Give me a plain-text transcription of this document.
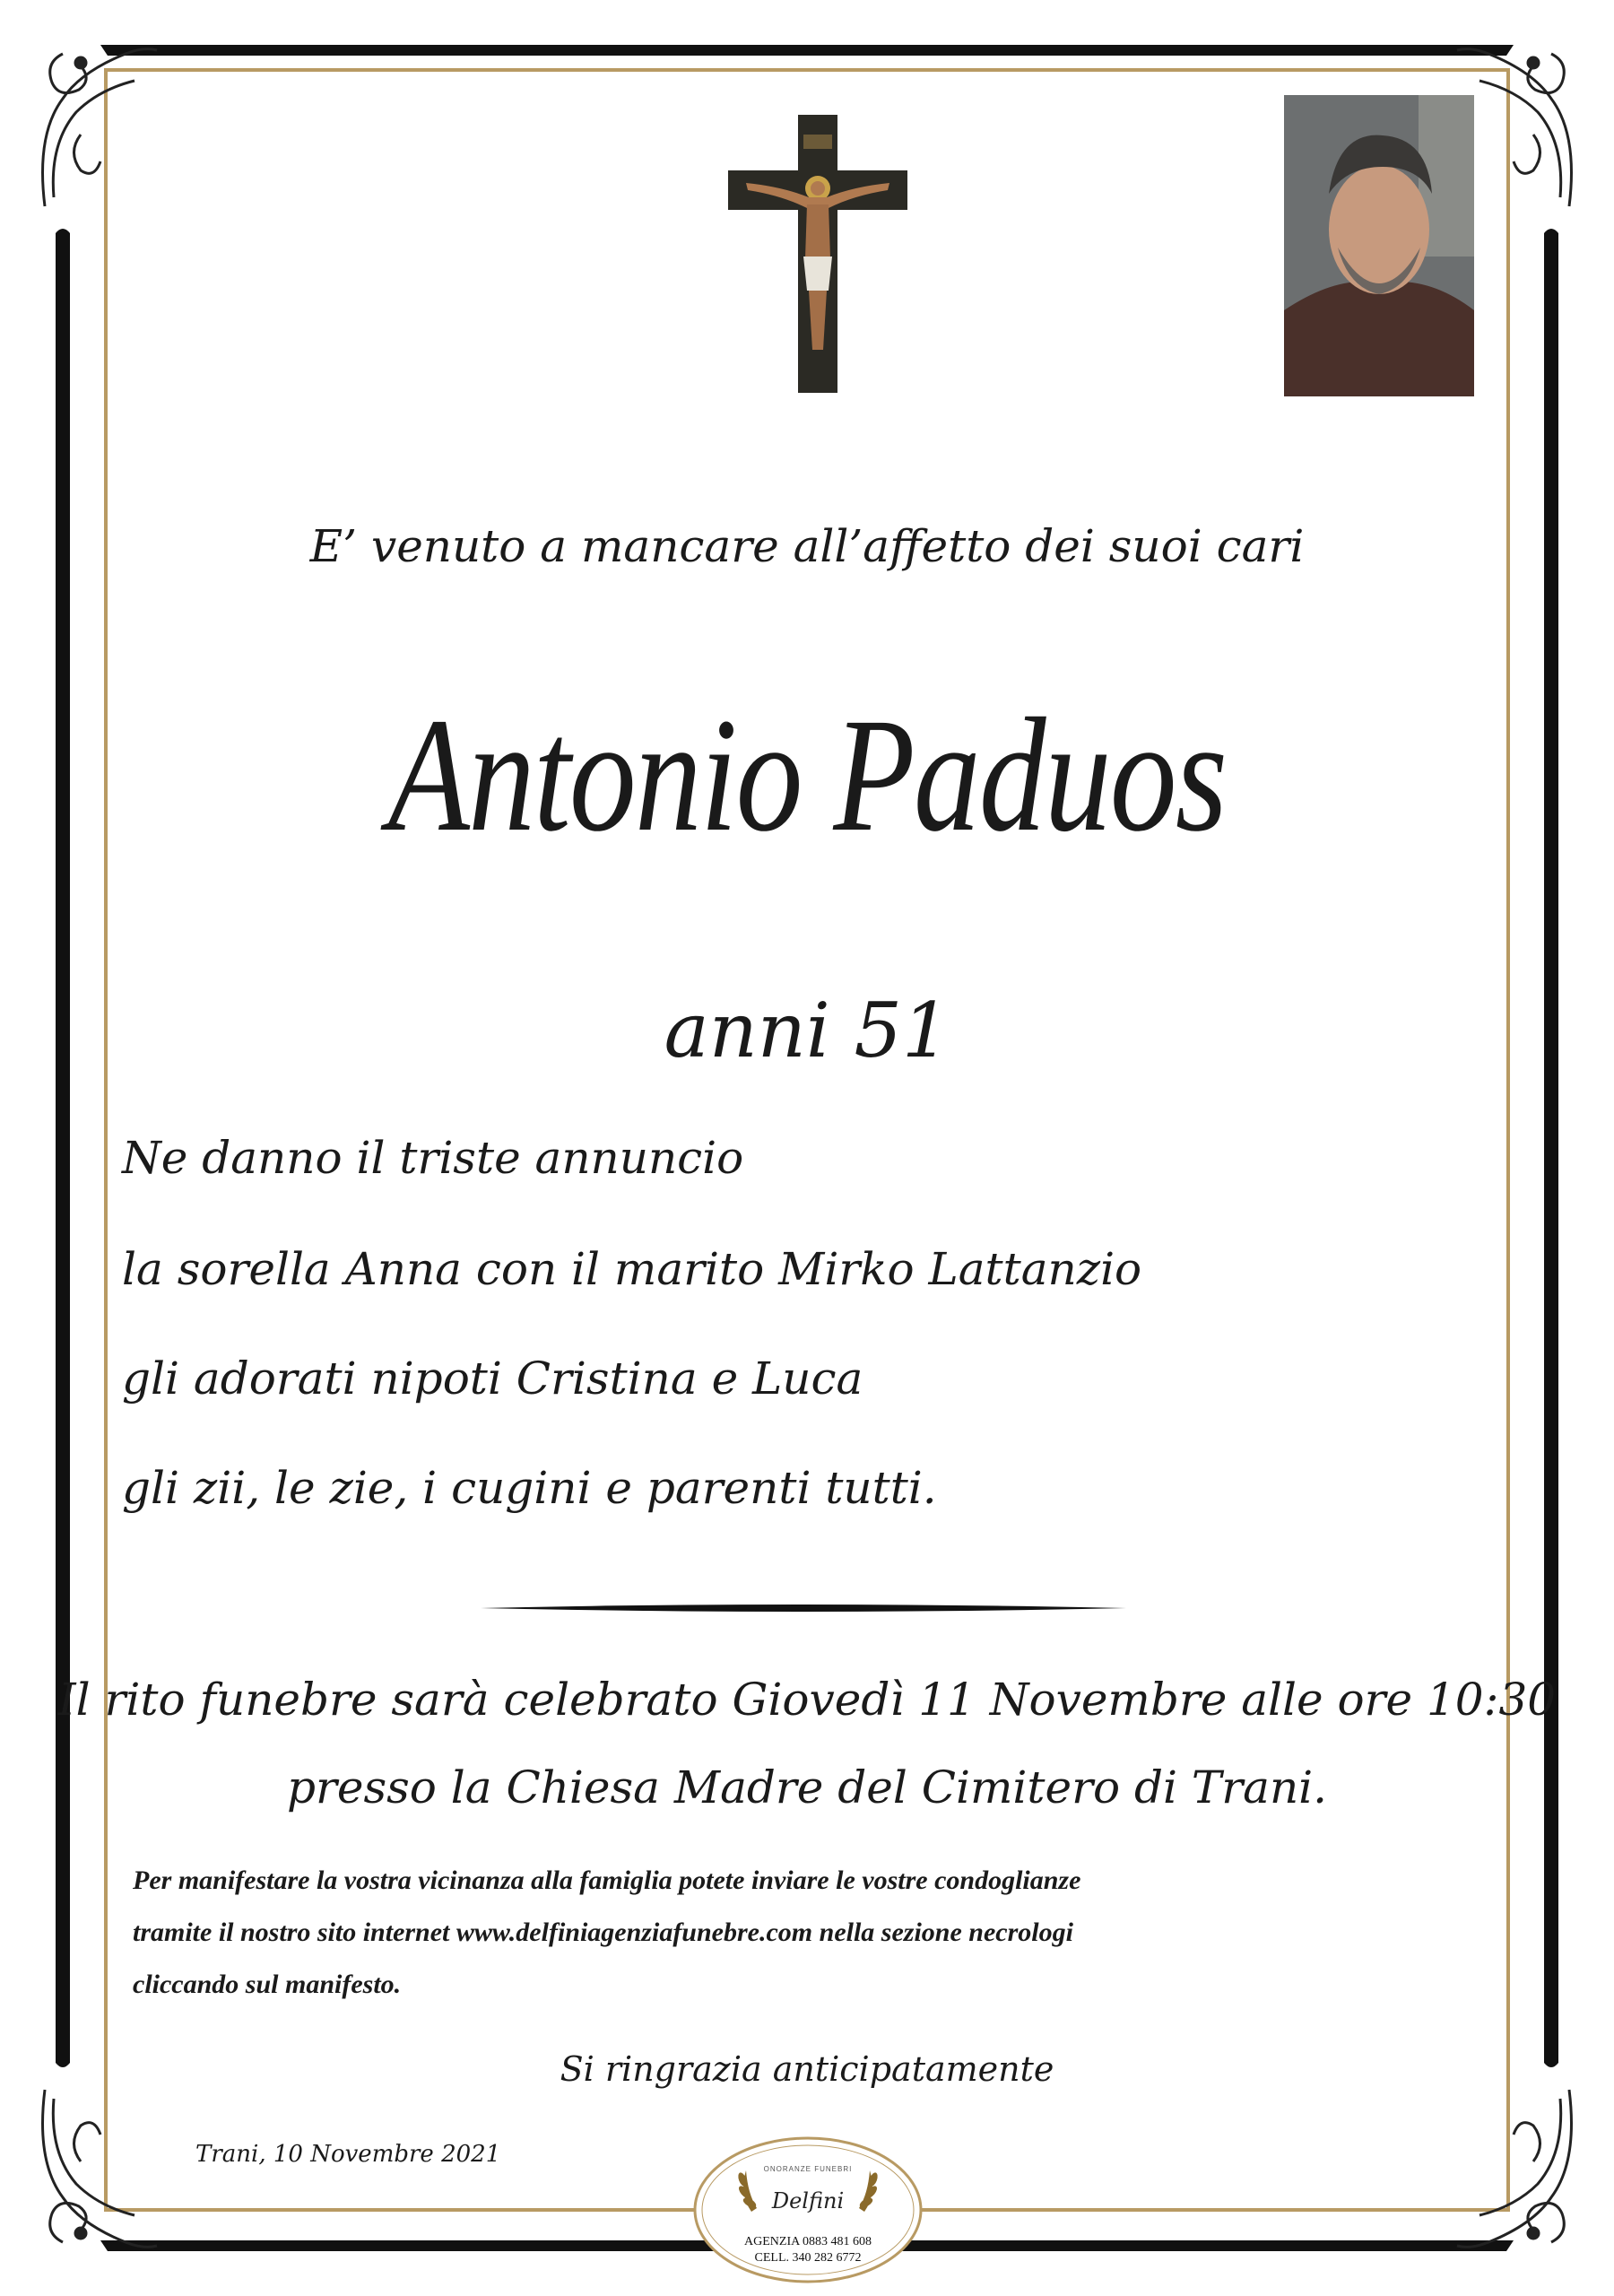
E’ venuto a mancare all’affetto dei suoi cari
Antonio Paduos
anni 51
Ne danno il triste annuncio
la sorella Anna con il marito Mirko Lattanzio
gli adorati nipoti Cristina e Luca
gli zii, le zie, i cugini e parenti tutti.
Il rito funebre sarà celebrato Giovedì 11 Novembre alle ore 10:30
presso la Chiesa Madre del Cimitero di Trani.
Per manifestare la vostra vicinanza alla famiglia potete inviare le vostre condoglianze
tramite il nostro sito internet www.delfiniagenziafunebre.com nella sezione necrologi
cliccando sul manifesto.
Si ringrazia anticipatamente
Trani, 10 Novembre 2021
ONORANZE FUNEBRI
Delfini
AGENZIA 0883 481 608
CELL. 340 282 6772
